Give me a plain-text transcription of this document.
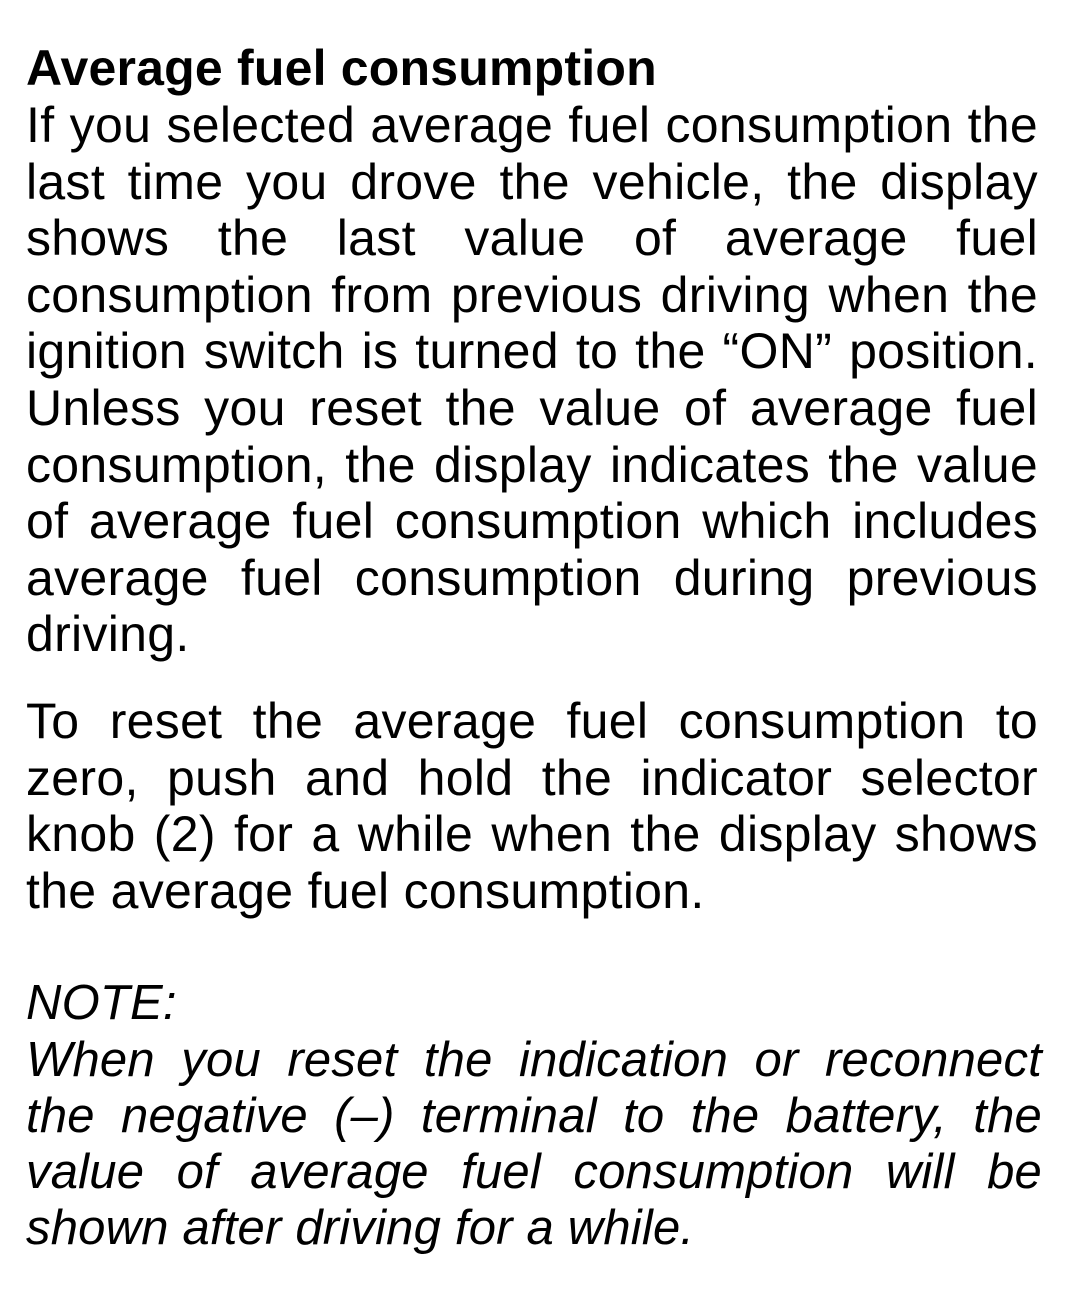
Average fuel consumption

If you selected average fuel consumption the last time you drove the vehicle, the display shows the last value of average fuel consumption from previous driving when the ignition switch is turned to the “ON” position. Unless you reset the value of average fuel consumption, the display indicates the value of average fuel consumption which includes average fuel consumption during previous driving.

To reset the average fuel consumption to zero, push and hold the indicator selector knob (2) for a while when the display shows the average fuel consumption.

NOTE:

When you reset the indication or reconnect the negative (–) terminal to the battery, the value of average fuel consumption will be shown after driving for a while.
